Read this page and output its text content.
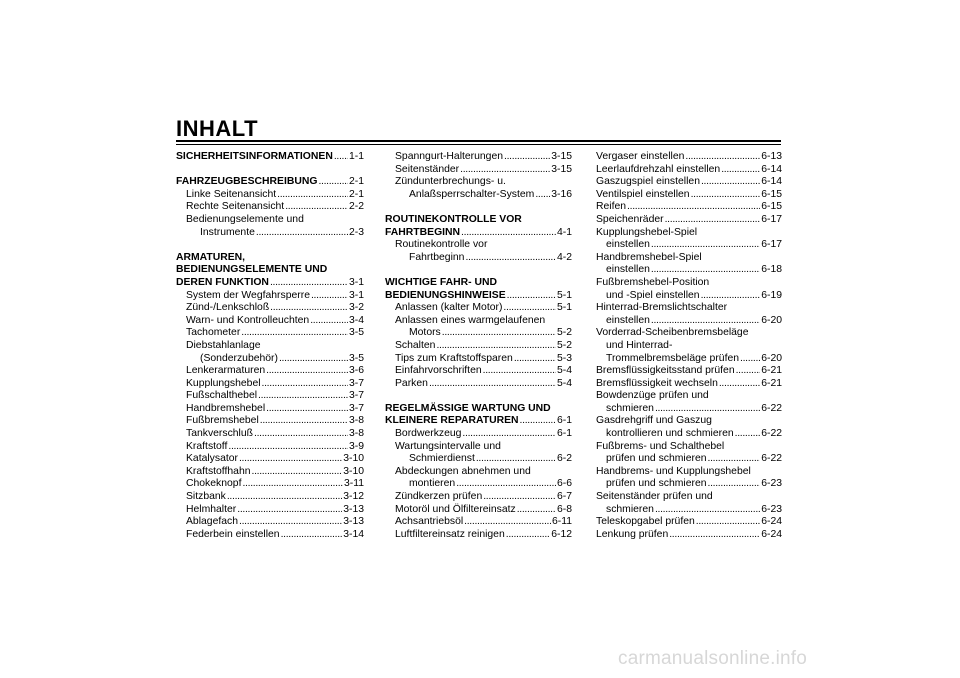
INHALT
SICHERHEITSINFORMATIONEN . . . 1-1
FAHRZEUGBESCHREIBUNG . . .	2-1
Linke Seitenansicht . . .	2-1
Rechte Seitenansicht . . .	2-2
Bedienungselemente und
Instrumente . . .	2-3
ARMATUREN,
BEDIENUNGSELEMENTE UND
DEREN FUNKTION . . .	3-1
System der Wegfahrsperre . . .	3-1
Zünd-/Lenkschloß . . .	3-2
Warn- und Kontrolleuchten . . .	3-4
Tachometer . . .	3-5
Diebstahlanlage
(Sonderzubehör) . . .	3-5
Lenkerarmaturen . . .	3-6
Kupplungshebel . . .	3-7
Fußschalthebel . . .	3-7
Handbremshebel . . .	3-7
Fußbremshebel . . .	3-8
Tankverschluß . . .	3-8
Kraftstoff . . .	3-9
Katalysator . . .	3-10
Kraftstoffhahn . . .	3-10
Chokeknopf . . .	3-11
Sitzbank . . .	3-12
Helmhalter . . .	3-13
Ablagefach . . .	3-13
Federbein einstellen . . .	3-14
Spanngurt-Halterungen . . .	3-15
Seitenständer . . .	3-15
Zündunterbrechungs- u.
Anlaßsperrschalter-System . . . 3-16
ROUTINEKONTROLLE VOR
FAHRTBEGINN . . .	4-1
Routinekontrolle vor
Fahrtbeginn . . .	4-2
WICHTIGE FAHR- UND
BEDIENUNGSHINWEISE . . .	5-1
Anlassen (kalter Motor) . . .	5-1
Anlassen eines warmgelaufenen
Motors . . .	5-2
Schalten . . .	5-2
Tips zum Kraftstoffsparen . . .	5-3
Einfahrvorschriften . . .	5-4
Parken . . .	5-4
REGELMÄSSIGE WARTUNG UND
KLEINERE REPARATUREN . . .	6-1
Bordwerkzeug . . .	6-1
Wartungsintervalle und
Schmierdienst . . .	6-2
Abdeckungen abnehmen und
montieren . . .	6-6
Zündkerzen prüfen . . .	6-7
Motoröl und Ölfiltereinsatz . . .	6-8
Achsantriebsöl . . .	6-11
Luftfiltereinsatz reinigen . . .	6-12
Vergaser einstellen . . .	6-13
Leerlaufdrehzahl einstellen . . .	6-14
Gaszugspiel einstellen . . .	6-14
Ventilspiel einstellen . . .	6-15
Reifen . . .	6-15
Speichenräder . . .	6-17
Kupplungshebel-Spiel
einstellen . . .	6-17
Handbremshebel-Spiel
einstellen . . .	6-18
Fußbremshebel-Position
und -Spiel einstellen . . .	6-19
Hinterrad-Bremslichtschalter
einstellen . . .	6-20
Vorderrad-Scheibenbremsbeläge
und Hinterrad-
Trommelbremsbeläge prüfen . . . 6-20
Bremsflüssigkeitsstand prüfen . . .	6-21
Bremsflüssigkeit wechseln . . .	6-21
Bowdenzüge prüfen und
schmieren . . .	6-22
Gasdrehgriff und Gaszug
kontrollieren und schmieren . . .	6-22
Fußbrems- und Schalthebel
prüfen und schmieren . . .	6-22
Handbrems- und Kupplungshebel
prüfen und schmieren . . .	6-23
Seitenständer prüfen und
schmieren . . .	6-23
Teleskopgabel prüfen . . .	6-24
Lenkung prüfen . . .	6-24
carmanualsonline.info
